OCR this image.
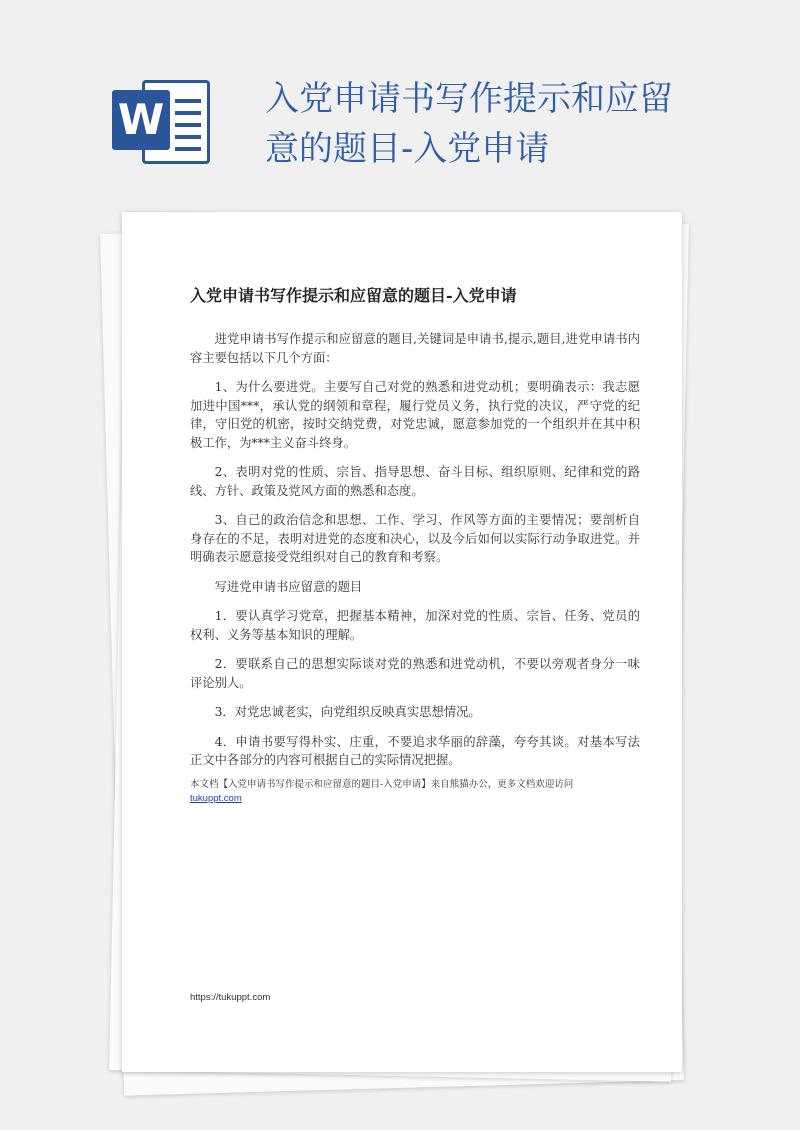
W	入党申请书写作提示和应留意的题目-入党申请
入党申请书写作提示和应留意的题目-入党申请

进党申请书写作提示和应留意的题目,关键词是申请书,提示,题目,进党申请书内容主要包括以下几个方面：

1、为什么要进党。主要写自己对党的熟悉和进党动机；要明确表示：我志愿加进中国***，承认党的纲领和章程，履行党员义务，执行党的决议，严守党的纪律，守旧党的机密，按时交纳党费，对党忠诚，愿意参加党的一个组织并在其中积极工作，为***主义奋斗终身。

2、表明对党的性质、宗旨、指导思想、奋斗目标、组织原则、纪律和党的路线、方针、政策及党风方面的熟悉和态度。

3、自己的政治信念和思想、工作、学习、作风等方面的主要情况；要剖析自身存在的不足，表明对进党的态度和决心，以及今后如何以实际行动争取进党。并明确表示愿意接受党组织对自己的教育和考察。

写进党申请书应留意的题目

1．要认真学习党章，把握基本精神，加深对党的性质、宗旨、任务、党员的权利、义务等基本知识的理解。

2．要联系自己的思想实际谈对党的熟悉和进党动机，不要以旁观者身分一味评论别人。

3．对党忠诚老实，向党组织反映真实思想情况。

4．申请书要写得朴实、庄重，不要追求华丽的辞藻，夸夸其谈。对基本写法正文中各部分的内容可根据自己的实际情况把握。

本文档【入党申请书写作提示和应留意的题目-入党申请】来自熊猫办公，更多文档欢迎访问
tukuppt.com
https://tukuppt.com
